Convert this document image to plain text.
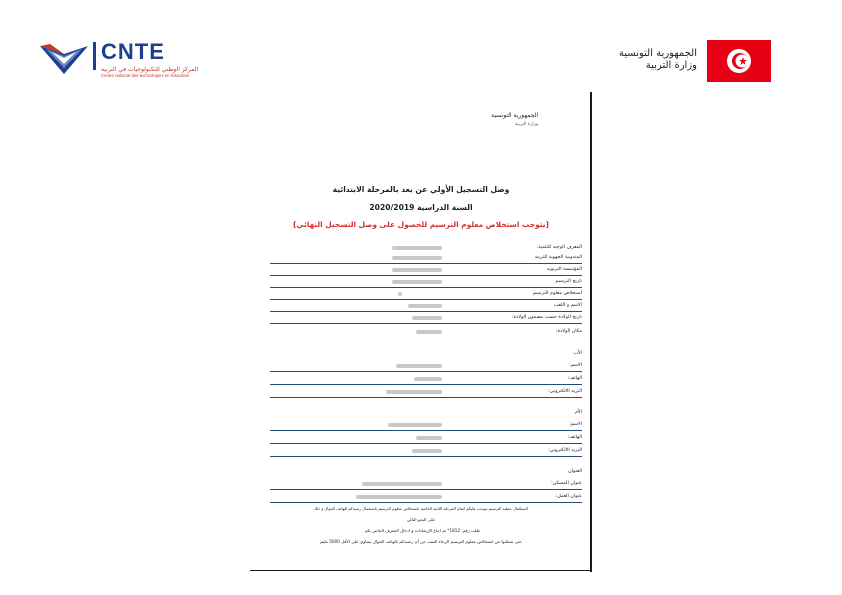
CNTE
المركز الوطني للتكنولوجيات في التربية
Centre national des technologies en éducation
الجمهورية التونسية
وزارة التربية
الجمهورية التونسية
وزارة التربية
وصل التسجيل الأولي عن بعد بالمرحلة الابتدائية
السنة الدراسية 2020/2019
[يتوجب استخلاص معلوم الترسيم للحصول على وصل التسجيل النهائي]
المعرف الوحيد للتلميذ:
المندوبية الجهوية للتربية
المؤسسة التربوية
تاريخ الترسيم
استخلاص معلوم الترسيم
الاسم و اللقب
تاريخ الولادة حسب مضمون الولادة:
مكان الولادة:
الأب
الاسم:
الهاتف:
البريد الالكتروني:
الأم
الاسم:
الهاتف:
البريد الالكتروني:
العنوان
عنوان المسكن:
عنوان العمل:
لاستكمال عملية الترسيم يتوجب عليكم اتمام المرحلة الثانية الخاصة باستخلاص معلوم الترسيم باستعمال رصيدكم للهاتف الجوال و ذلك
على النحو التالي
طلب رقم: 1812* ثم اتباع الإرشادات و ادخال المعرف الخاص بكم .
حتى تتمكنوا من استخلاص معلوم الترسيم الرجاء التثبت من أن رصيدكم بالهاتف الجوال يساوي على الأقل 5000 مليم
